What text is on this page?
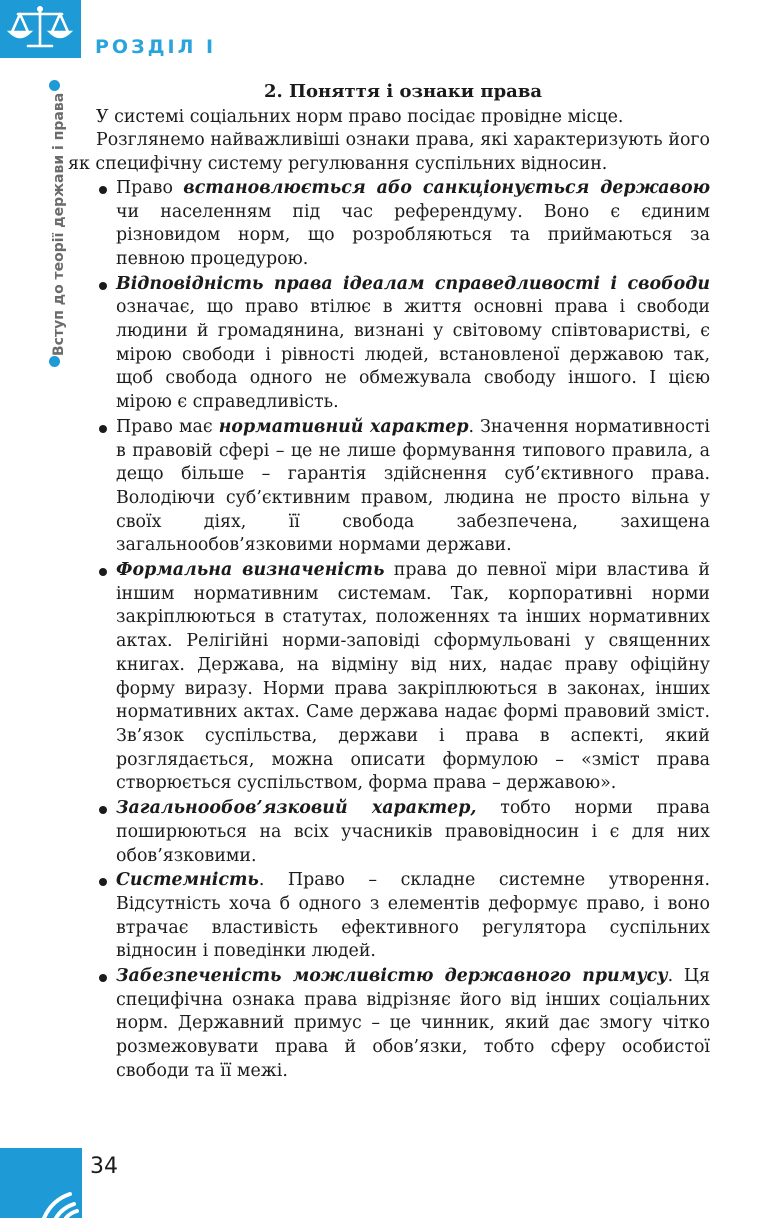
РОЗДІЛ І
Вступ до теорії держави і права
2. Поняття і ознаки права

У системі соціальних норм право посідає провідне місце.

Розглянемо найважливіші ознаки права, які характеризують його як специфічну систему регулювання суспільних відносин.

Право встановлюється або санкціонується державою чи населенням під час референдуму. Воно є єдиним різновидом норм, що розробляються та приймаються за певною процедурою.
Відповідність права ідеалам справедливості і свободи означає, що право втілює в життя основні права і свободи людини й громадянина, визнані у світовому співтоваристві, є мірою свободи і рівності людей, встановленої державою так, щоб свобода одного не обмежувала свободу іншого. І цією мірою є справедливість.
Право має нормативний характер. Значення нормативності в правовій сфері – це не лише формування типового правила, а дещо більше – гарантія здійснення суб’єктивного права. Володіючи суб’єктивним правом, людина не просто вільна у своїх діях, її свобода забезпечена, захищена загальнообов’язковими нормами держави.
Формальна визначеність права до певної міри властива й іншим нормативним системам. Так, корпоративні норми закріплюються в статутах, положеннях та інших нормативних актах. Релігійні норми-заповіді сформульовані у священних книгах. Держава, на відміну від них, надає праву офіційну форму виразу. Норми права закріплюються в законах, інших нормативних актах. Саме держава надає формі правовий зміст. Зв’язок суспільства, держави і права в аспекті, який розглядається, можна описати формулою – «зміст права створюється суспільством, форма права – державою».
Загальнообов’язковий характер, тобто норми права поширюються на всіх учасників правовідносин і є для них обов’язковими.
Системність. Право – складне системне утворення. Відсутність хоча б одного з елементів деформує право, і воно втрачає властивість ефективного регулятора суспільних відносин і поведінки людей.
Забезпеченість можливістю державного примусу. Ця специфічна ознака права відрізняє його від інших соціальних норм. Державний примус – це чинник, який дає змогу чітко розмежовувати права й обов’язки, тобто сферу особистої свободи та її межі.
34
